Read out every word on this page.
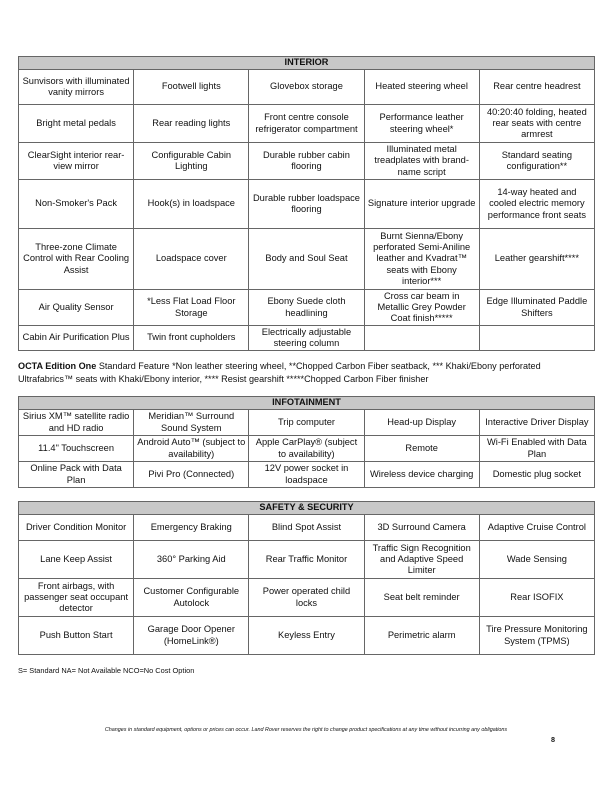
INTERIOR				
Sunvisors with illuminated vanity mirrors	Footwell lights	Glovebox storage	Heated steering wheel	Rear centre headrest
Bright metal pedals	Rear reading lights	Front centre console refrigerator compartment	Performance leather steering wheel*	40:20:40 folding, heated rear seats with centre armrest
ClearSight interior rear-view mirror	Configurable Cabin Lighting	Durable rubber cabin flooring	Illuminated metal treadplates with brand-name script	Standard seating configuration**
Non-Smoker's Pack	Hook(s) in loadspace	Durable rubber loadspace flooring	Signature interior upgrade	14-way heated and cooled electric memory performance front seats
Three-zone Climate Control with Rear Cooling Assist	Loadspace cover	Body and Soul Seat	Burnt Sienna/Ebony perforated Semi-Aniline leather and Kvadrat™ seats with Ebony interior***	Leather gearshift****
Air Quality Sensor	*Less Flat Load Floor Storage	Ebony Suede cloth headlining	Cross car beam in Metallic Grey Powder Coat finish*****	Edge Illuminated Paddle Shifters
Cabin Air Purification Plus	Twin front cupholders	Electrically adjustable steering column		
OCTA Edition One Standard Feature *Non leather steering wheel, **Chopped Carbon Fiber seatback, *** Khaki/Ebony perforated Ultrafabrics™ seats with Khaki/Ebony interior, **** Resist gearshift *****Chopped Carbon Fiber finisher
INFOTAINMENT				
Sirius XM™ satellite radio and HD radio	Meridian™ Surround Sound System	Trip computer	Head-up Display	Interactive Driver Display
11.4" Touchscreen	Android Auto™ (subject to availability)	Apple CarPlay® (subject to availability)	Remote	Wi-Fi Enabled with Data Plan
Online Pack with Data Plan	Pivi Pro (Connected)	12V power socket in loadspace	Wireless device charging	Domestic plug socket
SAFETY & SECURITY				
Driver Condition Monitor	Emergency Braking	Blind Spot Assist	3D Surround Camera	Adaptive Cruise Control
Lane Keep Assist	360° Parking Aid	Rear Traffic Monitor	Traffic Sign Recognition and Adaptive Speed Limiter	Wade Sensing
Front airbags, with passenger seat occupant detector	Customer Configurable Autolock	Power operated child locks	Seat belt reminder	Rear ISOFIX
Push Button Start	Garage Door Opener (HomeLink®)	Keyless Entry	Perimetric alarm	Tire Pressure Monitoring System (TPMS)
S= Standard NA= Not Available NCO=No Cost Option
Changes in standard equipment, options or prices can occur. Land Rover reserves the right to change product specifications at any time without incurring any obligations
8
